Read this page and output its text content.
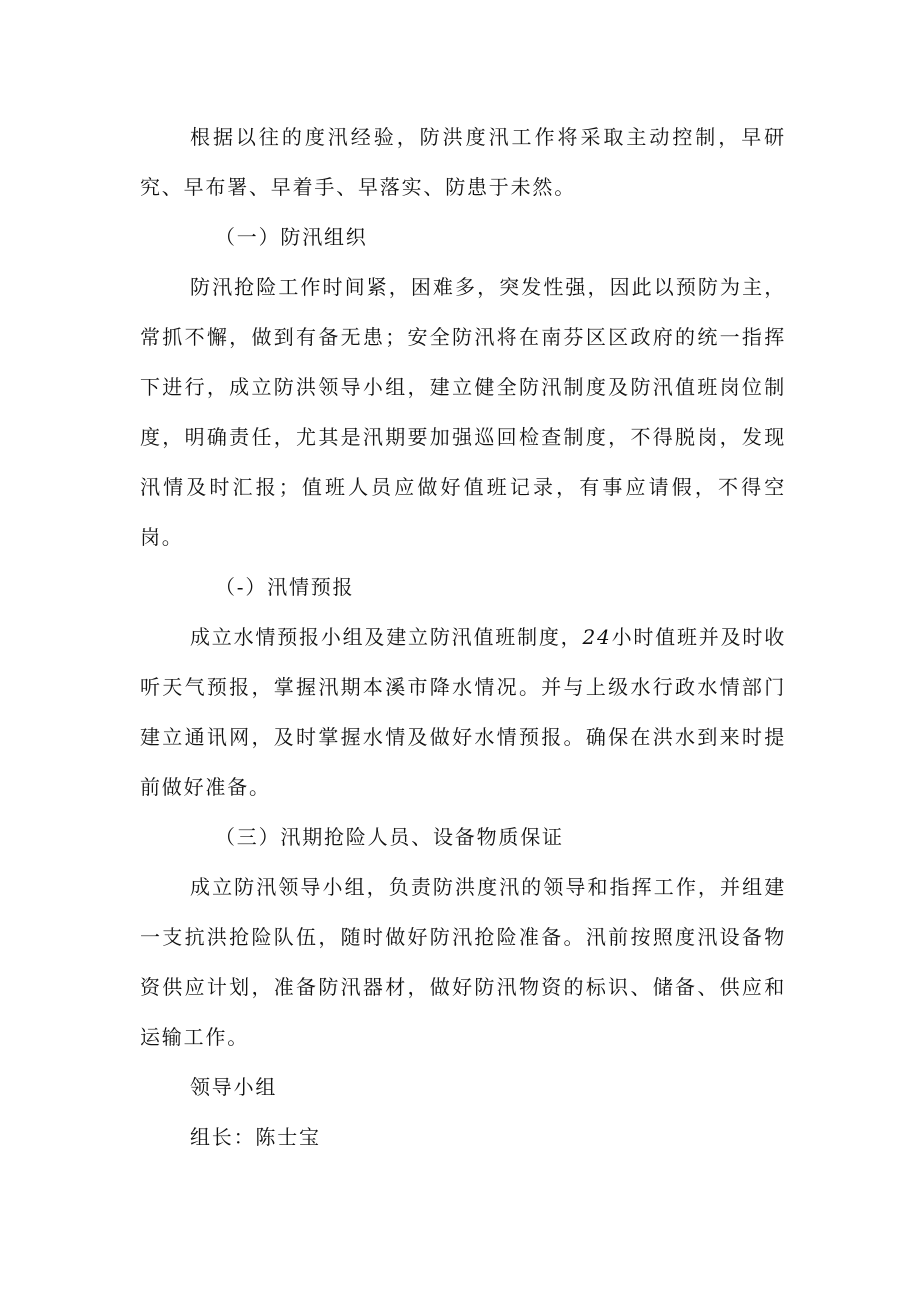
根据以往的度汛经验，防洪度汛工作将采取主动控制，早研究、早布署、早着手、早落实、防患于未然。

（一）防汛组织

防汛抢险工作时间紧，困难多，突发性强，因此以预防为主，常抓不懈，做到有备无患；安全防汛将在南芬区区政府的统一指挥下进行，成立防洪领导小组，建立健全防汛制度及防汛值班岗位制度，明确责任，尤其是汛期要加强巡回检查制度，不得脱岗，发现汛情及时汇报；值班人员应做好值班记录，有事应请假，不得空岗。

（-）汛情预报

成立水情预报小组及建立防汛值班制度，24小时值班并及时收听天气预报，掌握汛期本溪市降水情况。并与上级水行政水情部门建立通讯网，及时掌握水情及做好水情预报。确保在洪水到来时提前做好准备。

（三）汛期抢险人员、设备物质保证

成立防汛领导小组，负责防洪度汛的领导和指挥工作，并组建一支抗洪抢险队伍，随时做好防汛抢险准备。汛前按照度汛设备物资供应计划，准备防汛器材，做好防汛物资的标识、储备、供应和运输工作。

领导小组

组长：陈士宝
